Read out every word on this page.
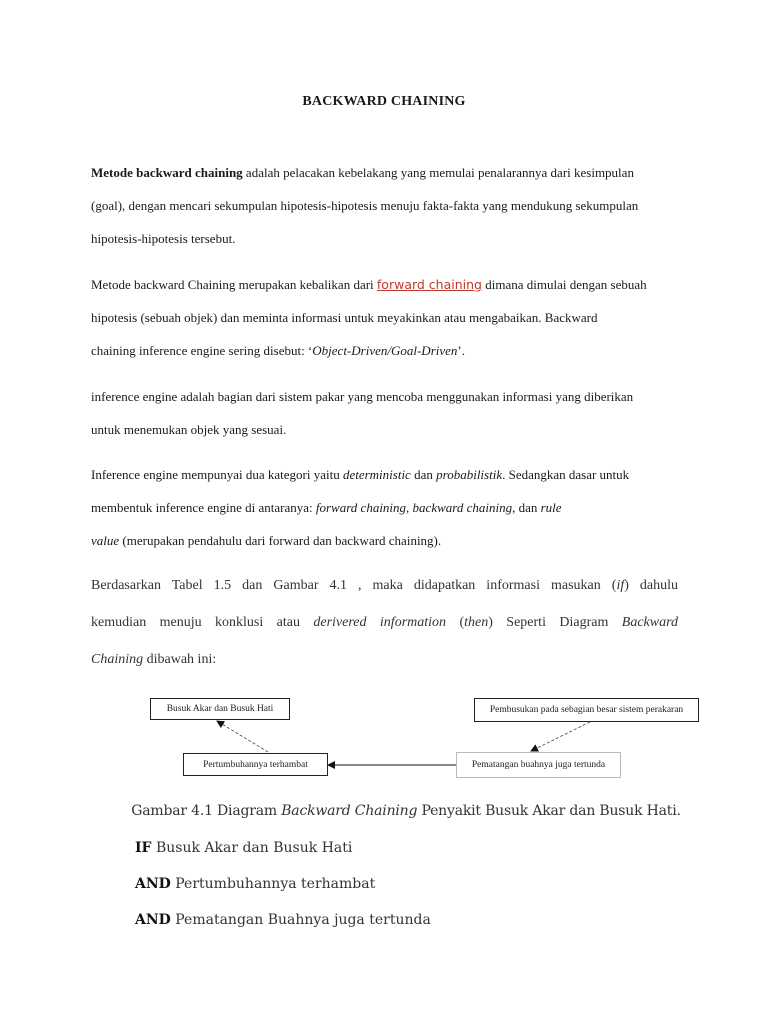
BACKWARD CHAINING
Metode backward chaining adalah pelacakan kebelakang yang memulai penalarannya dari kesimpulan
(goal), dengan mencari sekumpulan hipotesis-hipotesis menuju fakta-fakta yang mendukung sekumpulan
hipotesis-hipotesis tersebut.
Metode backward Chaining merupakan kebalikan dari forward chaining dimana dimulai dengan sebuah
hipotesis (sebuah objek) dan meminta informasi untuk meyakinkan atau mengabaikan. Backward
chaining inference engine sering disebut: ‘Object-Driven/Goal-Driven’.
inference engine adalah bagian dari sistem pakar yang mencoba menggunakan informasi yang diberikan
untuk menemukan objek yang sesuai.
Inference engine mempunyai dua kategori yaitu deterministic dan probabilistik. Sedangkan dasar untuk
membentuk inference engine di antaranya: forward chaining, backward chaining, dan rule
value (merupakan pendahulu dari forward dan backward chaining).
Berdasarkan Tabel 1.5 dan Gambar 4.1 , maka didapatkan informasi masukan (if) dahulu
kemudian menuju konklusi atau derivered information (then) Seperti Diagram Backward
Chaining dibawah ini:
Busuk Akar dan Busuk Hati	Pembusukan pada sebagian besar sistem perakaran
Pertumbuhannya terhambat	Pematangan buahnya juga tertunda
Gambar 4.1 Diagram Backward Chaining Penyakit Busuk Akar dan Busuk Hati.
IF Busuk Akar dan Busuk Hati
AND Pertumbuhannya terhambat
AND Pematangan Buahnya juga tertunda
